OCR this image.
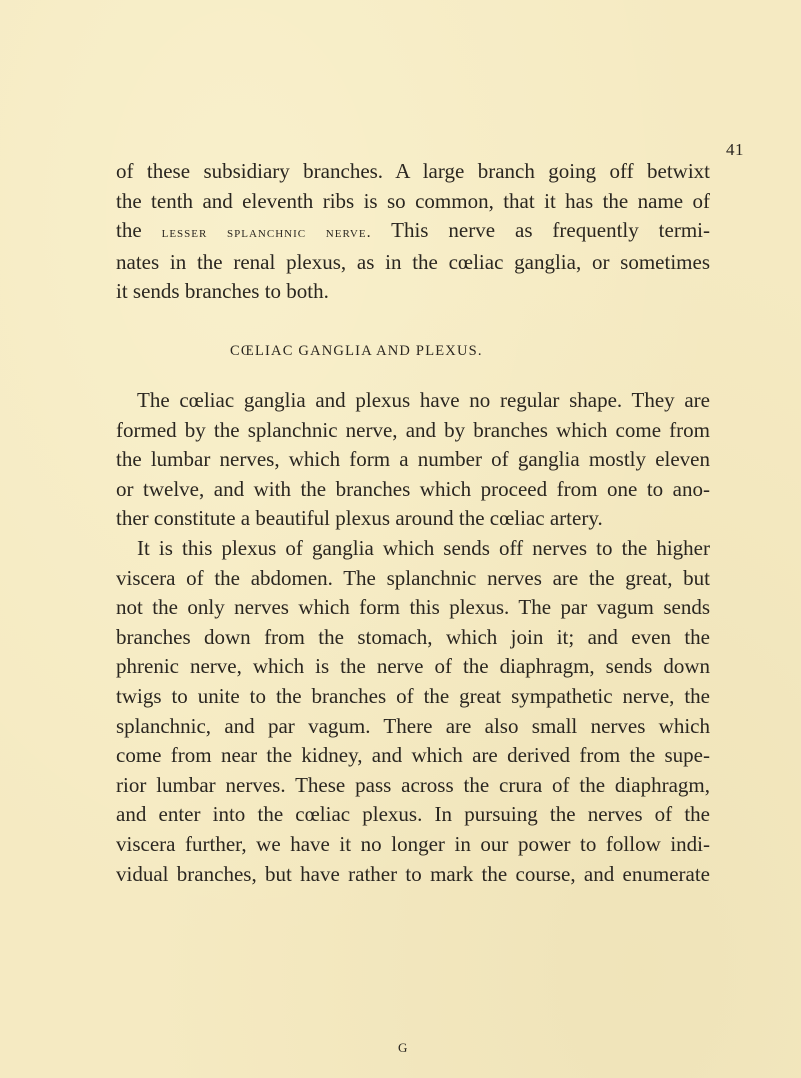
41
of these subsidiary branches. A large branch going off betwixt
the tenth and eleventh ribs is so common, that it has the name of
the lesser splanchnic nerve. This nerve as frequently termi-
nates in the renal plexus, as in the cœliac ganglia, or sometimes
it sends branches to both.
CŒLIAC GANGLIA AND PLEXUS.
The cœliac ganglia and plexus have no regular shape. They are
formed by the splanchnic nerve, and by branches which come from
the lumbar nerves, which form a number of ganglia mostly eleven
or twelve, and with the branches which proceed from one to ano-
ther constitute a beautiful plexus around the cœliac artery.
It is this plexus of ganglia which sends off nerves to the higher
viscera of the abdomen. The splanchnic nerves are the great, but
not the only nerves which form this plexus. The par vagum sends
branches down from the stomach, which join it; and even the
phrenic nerve, which is the nerve of the diaphragm, sends down
twigs to unite to the branches of the great sympathetic nerve, the
splanchnic, and par vagum. There are also small nerves which
come from near the kidney, and which are derived from the supe-
rior lumbar nerves. These pass across the crura of the diaphragm,
and enter into the cœliac plexus. In pursuing the nerves of the
viscera further, we have it no longer in our power to follow indi-
vidual branches, but have rather to mark the course, and enumerate
G
